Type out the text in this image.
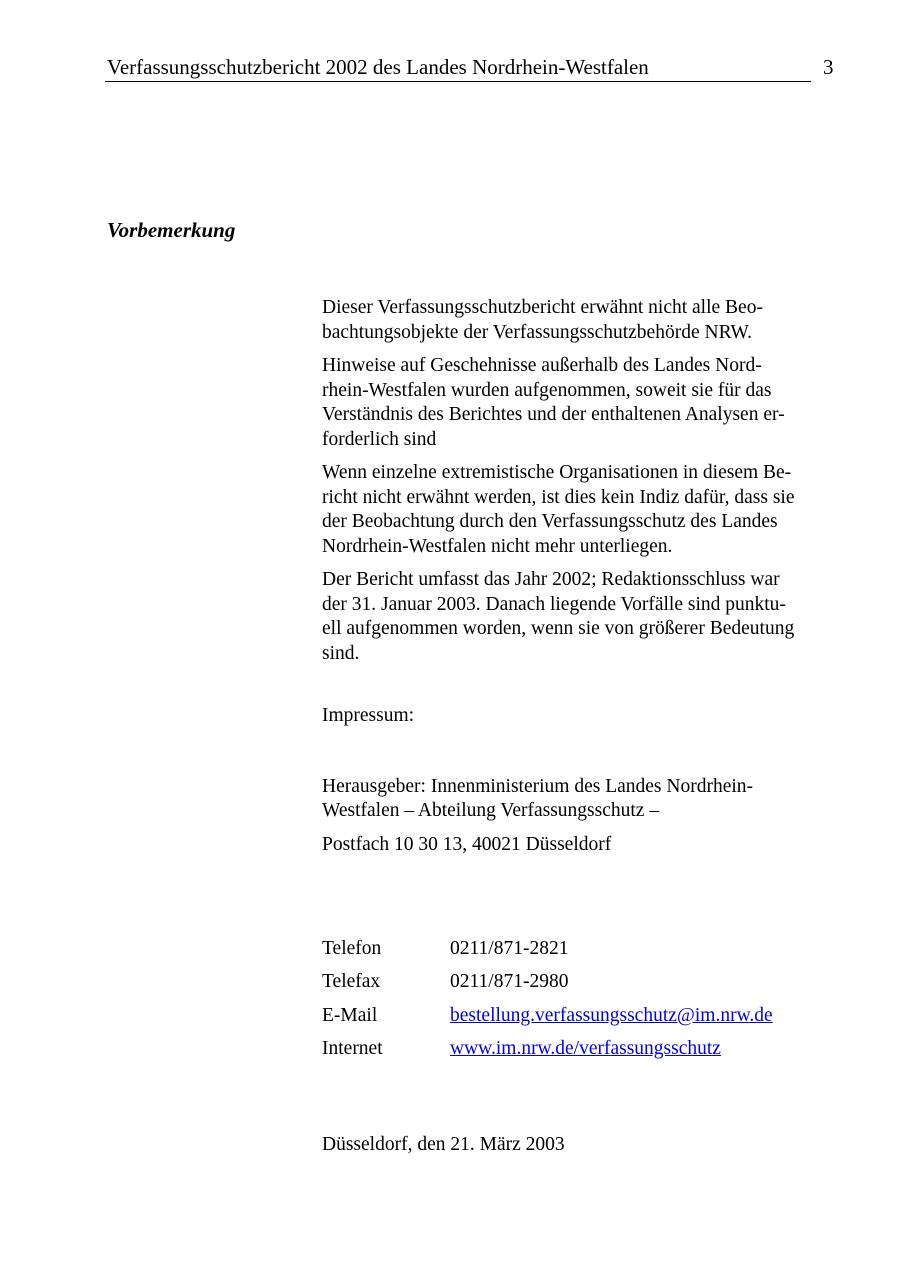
Verfassungsschutzbericht 2002 des Landes Nordrhein-Westfalen	3
Vorbemerkung

Dieser Verfassungsschutzbericht erwähnt nicht alle Beo-
bachtungsobjekte der Verfassungsschutzbehörde NRW.

Hinweise auf Geschehnisse außerhalb des Landes Nord-
rhein-Westfalen wurden aufgenommen, soweit sie für das
Verständnis des Berichtes und der enthaltenen Analysen er-
forderlich sind

Wenn einzelne extremistische Organisationen in diesem Be-
richt nicht erwähnt werden, ist dies kein Indiz dafür, dass sie
der Beobachtung durch den Verfassungsschutz des Landes
Nordrhein-Westfalen nicht mehr unterliegen.

Der Bericht umfasst das Jahr 2002; Redaktionsschluss war
der 31. Januar 2003. Danach liegende Vorfälle sind punktu-
ell aufgenommen worden, wenn sie von größerer Bedeutung
sind.

Impressum:
Herausgeber: Innenministerium des Landes Nordrhein-
Westfalen – Abteilung Verfassungsschutz –
Postfach 10 30 13, 40021 Düsseldorf
Telefon	0211/871-2821
Telefax	0211/871-2980
E-Mail	bestellung.verfassungsschutz@im.nrw.de
Internet	www.im.nrw.de/verfassungsschutz
Düsseldorf, den 21. März 2003
